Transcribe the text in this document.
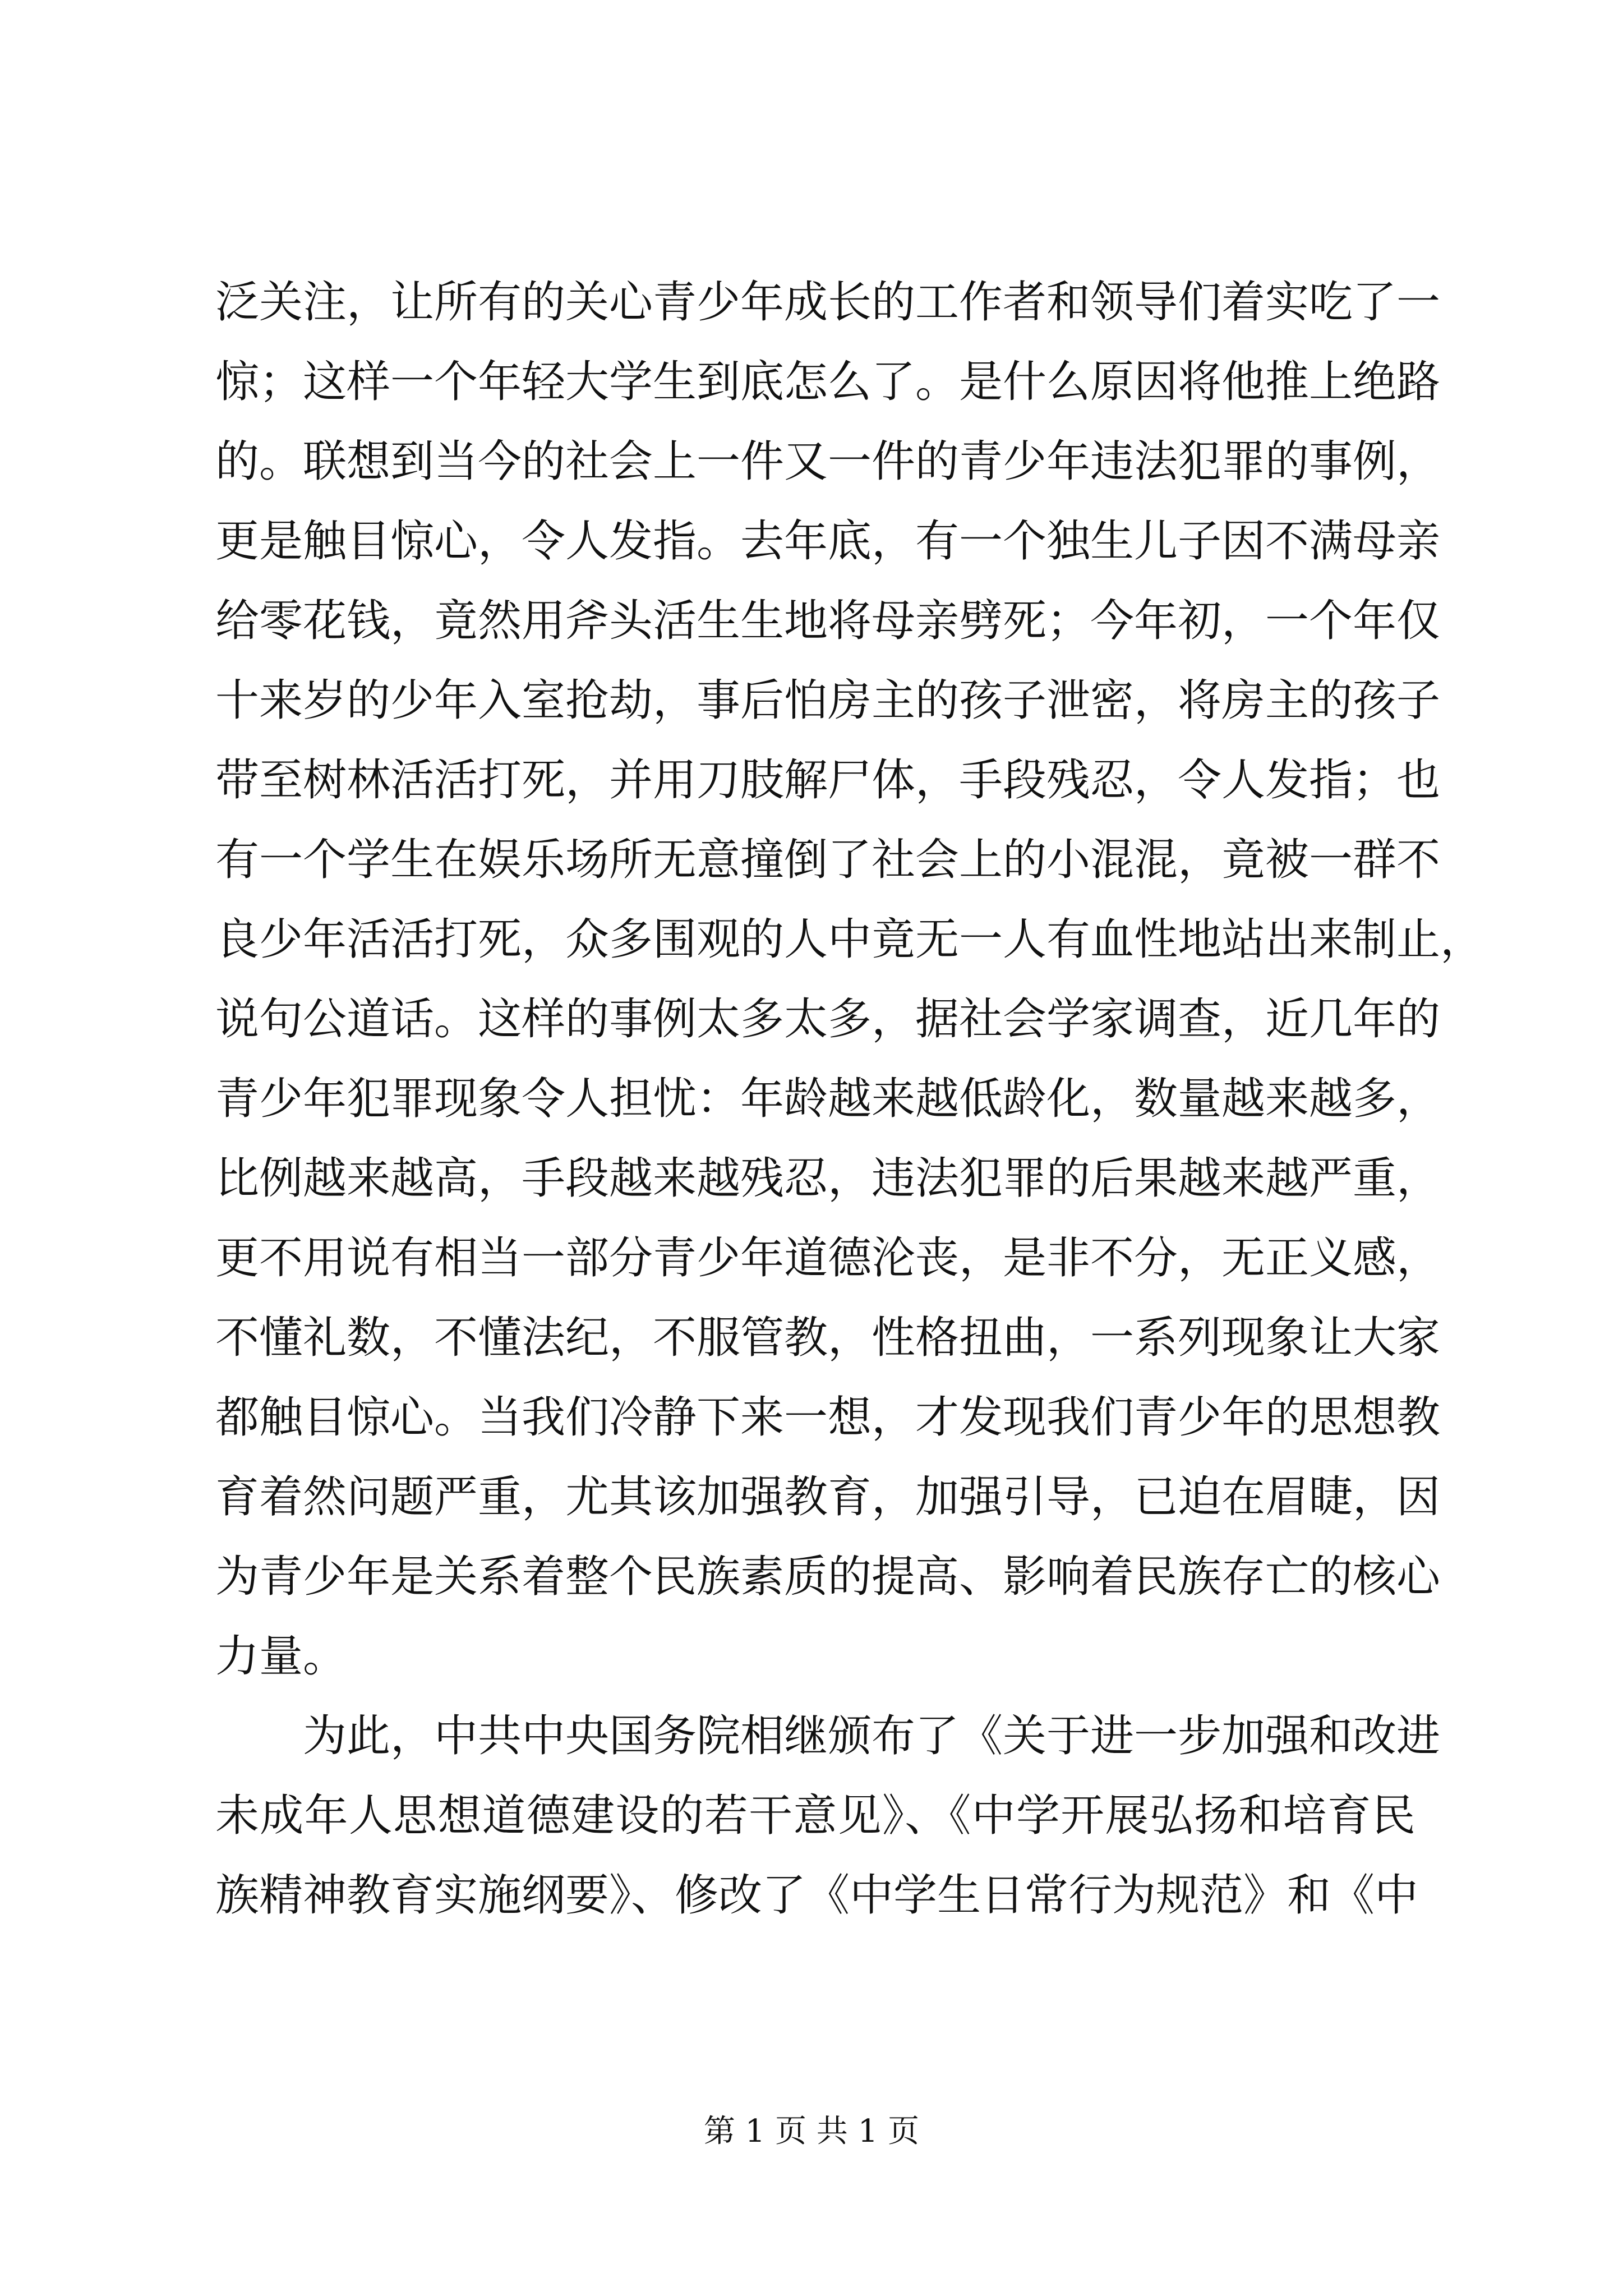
泛关注，让所有的关心青少年成长的工作者和领导们着实吃了一
惊；这样一个年轻大学生到底怎么了。是什么原因将他推上绝路
的。联想到当今的社会上一件又一件的青少年违法犯罪的事例，
更是触目惊心，令人发指。去年底，有一个独生儿子因不满母亲
给零花钱，竟然用斧头活生生地将母亲劈死；今年初，一个年仅
十来岁的少年入室抢劫，事后怕房主的孩子泄密，将房主的孩子
带至树林活活打死，并用刀肢解尸体，手段残忍，令人发指；也
有一个学生在娱乐场所无意撞倒了社会上的小混混，竟被一群不
良少年活活打死，众多围观的人中竟无一人有血性地站出来制止，
说句公道话。这样的事例太多太多，据社会学家调查，近几年的
青少年犯罪现象令人担忧：年龄越来越低龄化，数量越来越多，
比例越来越高，手段越来越残忍，违法犯罪的后果越来越严重，
更不用说有相当一部分青少年道德沦丧，是非不分，无正义感，
不懂礼数，不懂法纪，不服管教，性格扭曲，一系列现象让大家
都触目惊心。当我们冷静下来一想，才发现我们青少年的思想教
育着然问题严重，尤其该加强教育，加强引导，已迫在眉睫，因
为青少年是关系着整个民族素质的提高、影响着民族存亡的核心
力量。
为此，中共中央国务院相继颁布了《关于进一步加强和改进
未成年人思想道德建设的若干意见》、《中学开展弘扬和培育民
族精神教育实施纲要》、修改了《中学生日常行为规范》和《中
第 1 页 共 1 页
